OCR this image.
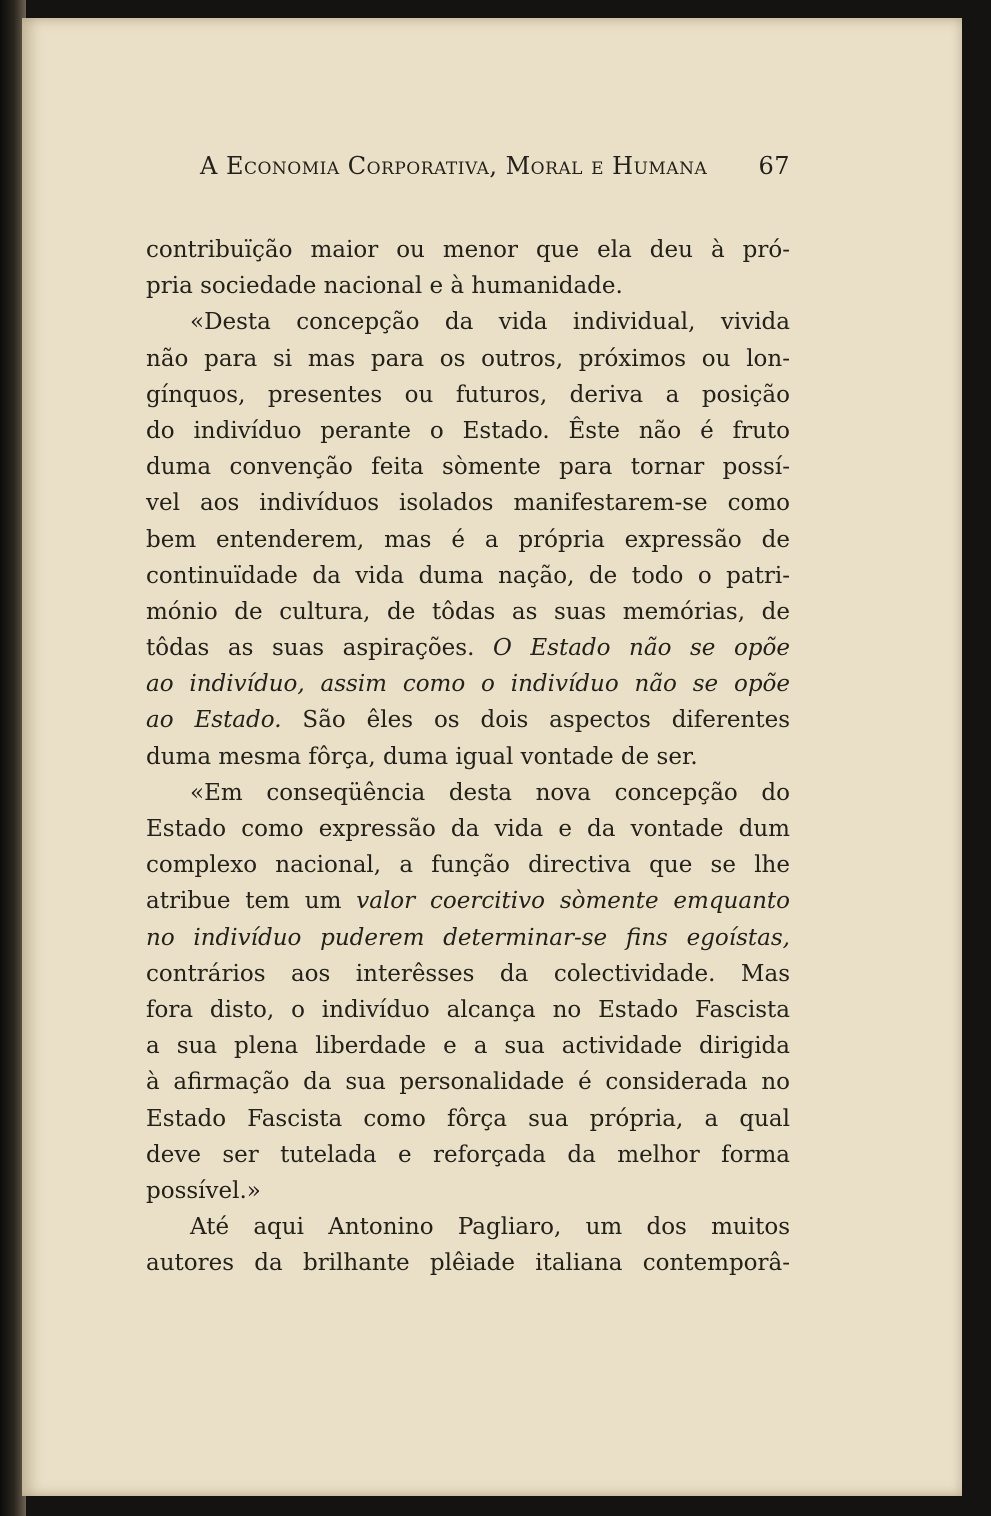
A Economia Corporativa, Moral e Humana 67
contribuïção maior ou menor que ela deu à pró-
pria sociedade nacional e à humanidade.
«Desta concepção da vida individual, vivida
não para si mas para os outros, próximos ou lon-
gínquos, presentes ou futuros, deriva a posição
do indivíduo perante o Estado. Êste não é fruto
duma convenção feita sòmente para tornar possí-
vel aos indivíduos isolados manifestarem-se como
bem entenderem, mas é a própria expressão de
continuïdade da vida duma nação, de todo o patri-
mónio de cultura, de tôdas as suas memórias, de
tôdas as suas aspirações. O Estado não se opõe
ao indivíduo, assim como o indivíduo não se opõe
ao Estado. São êles os dois aspectos diferentes
duma mesma fôrça, duma igual vontade de ser.
«Em conseqüência desta nova concepção do
Estado como expressão da vida e da vontade dum
complexo nacional, a função directiva que se lhe
atribue tem um valor coercitivo sòmente emquanto
no indivíduo puderem determinar-se fins egoístas,
contrários aos interêsses da colectividade. Mas
fora disto, o indivíduo alcança no Estado Fascista
a sua plena liberdade e a sua actividade dirigida
à afirmação da sua personalidade é considerada no
Estado Fascista como fôrça sua própria, a qual
deve ser tutelada e reforçada da melhor forma
possível.»
Até aqui Antonino Pagliaro, um dos muitos
autores da brilhante plêiade italiana contemporâ-
